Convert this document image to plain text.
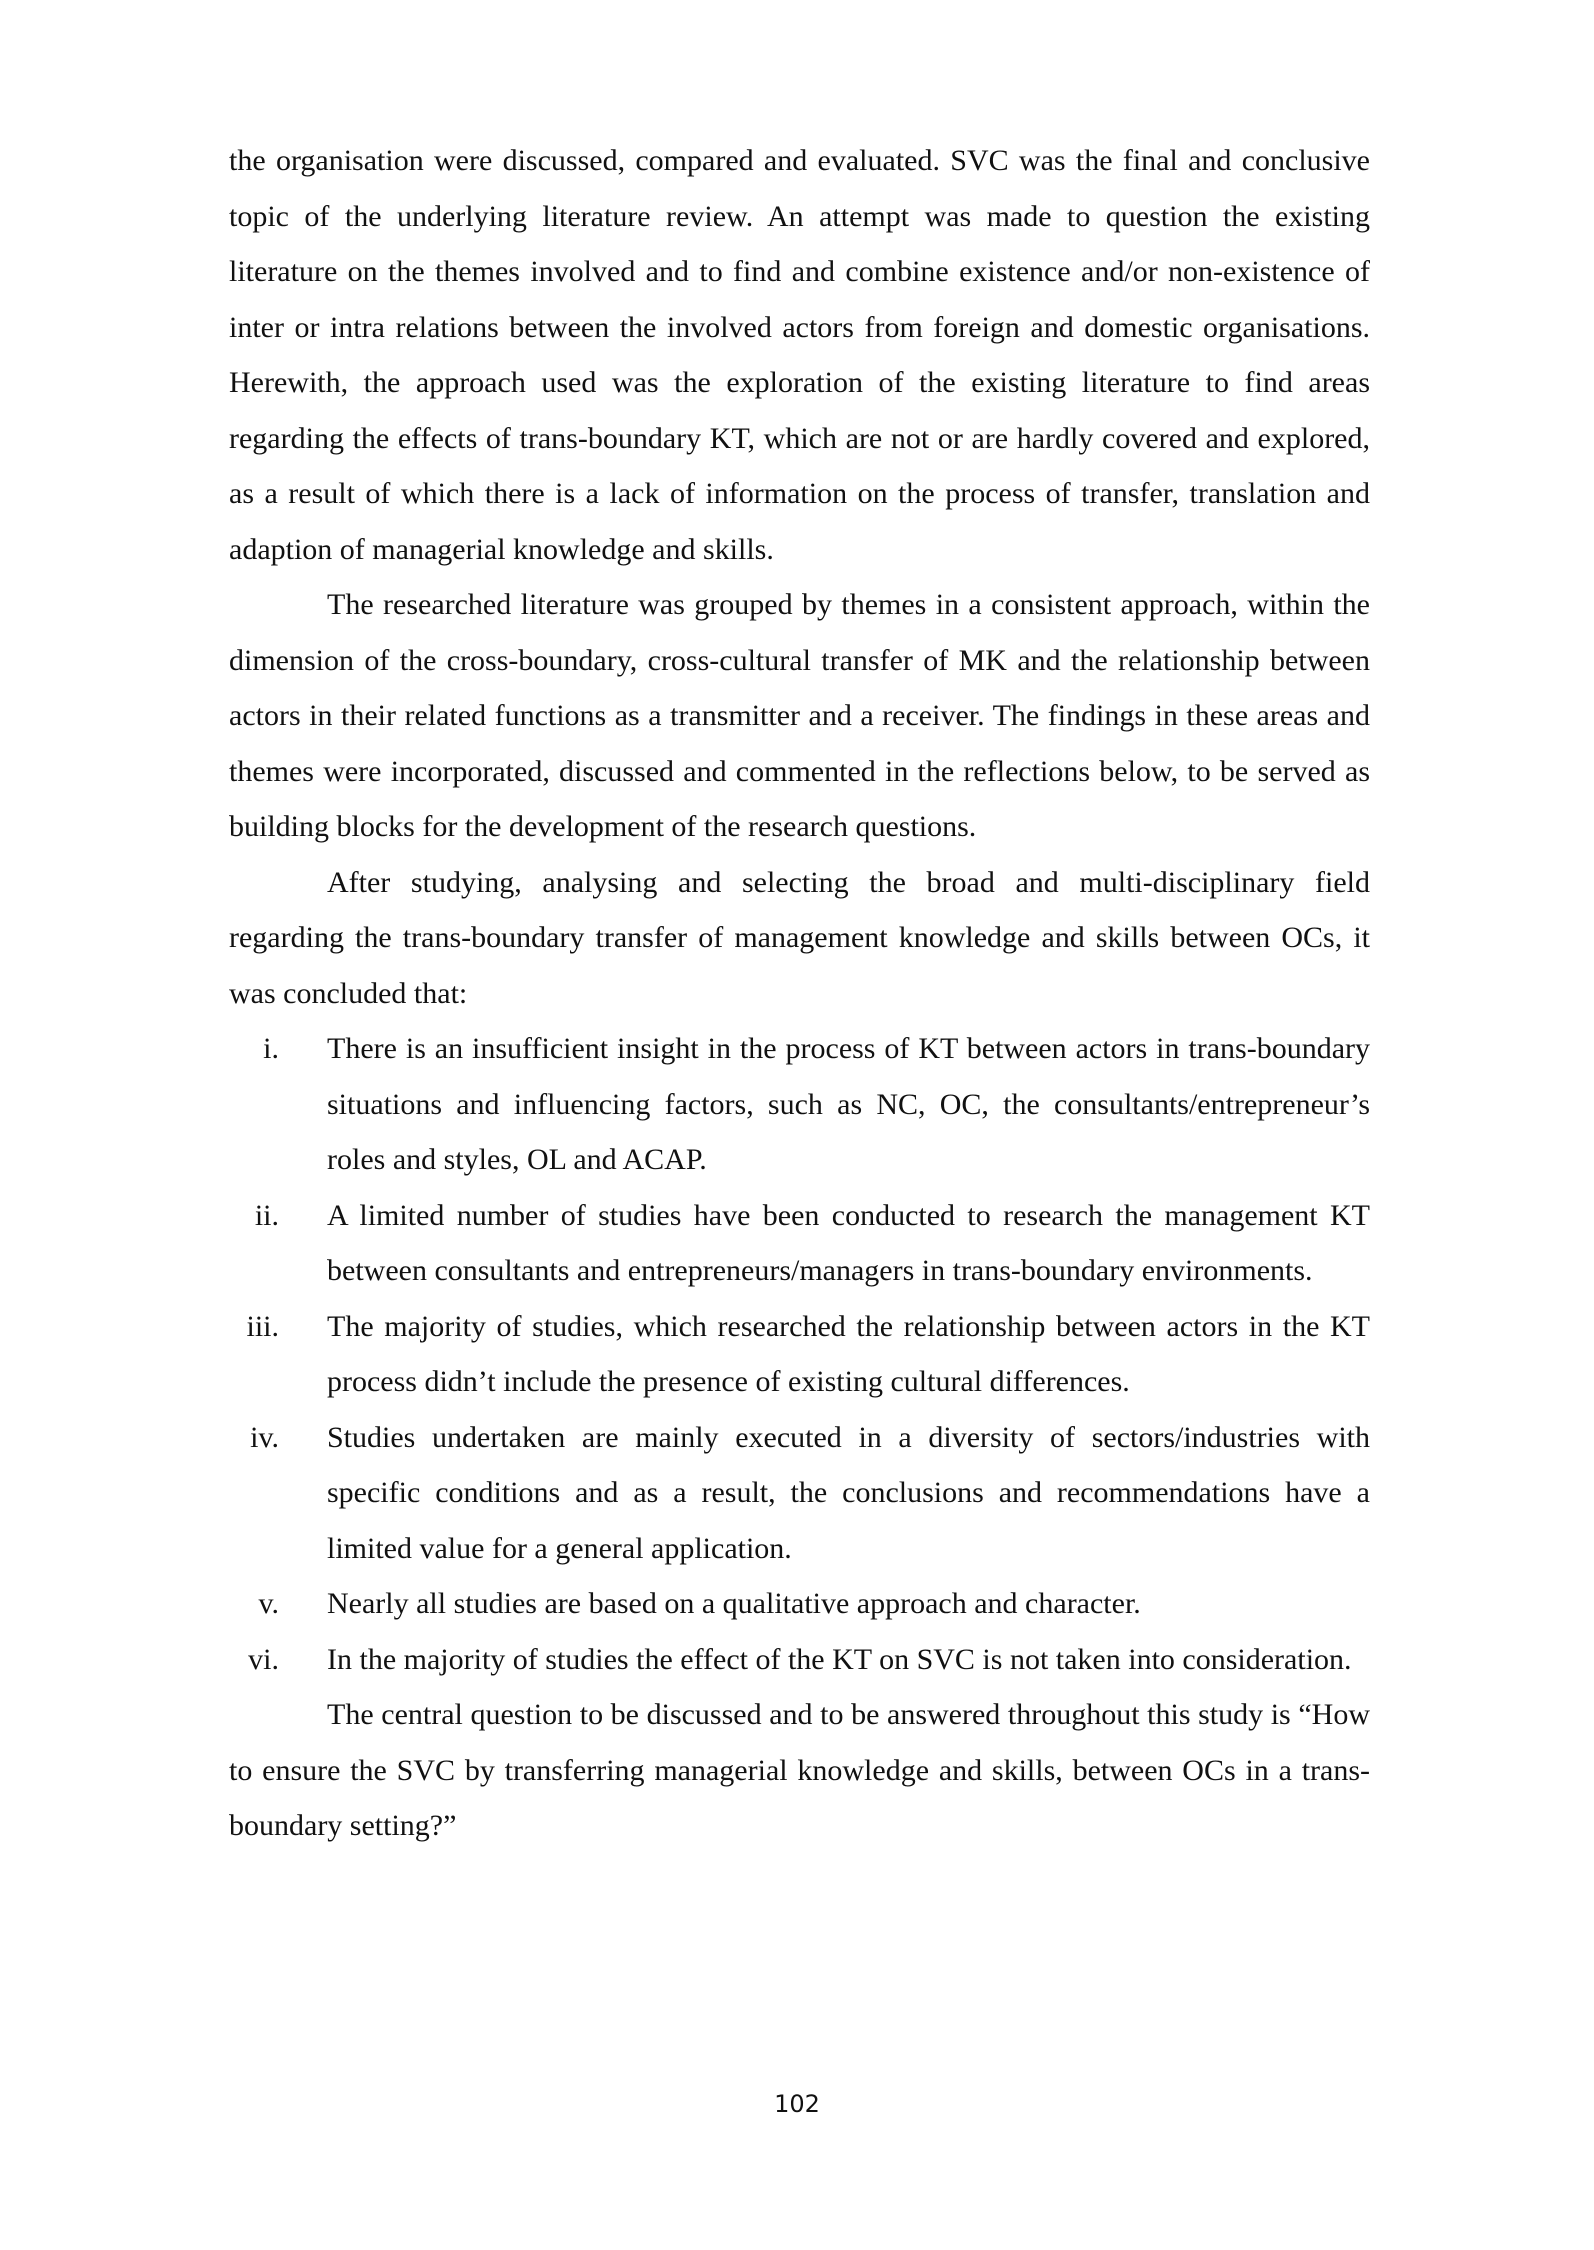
the organisation were discussed, compared and evaluated. SVC was the final and conclusive topic of the underlying literature review. An attempt was made to question the existing literature on the themes involved and to find and combine existence and/or non-existence of inter or intra relations between the involved actors from foreign and domestic organisations. Herewith, the approach used was the exploration of the existing literature to find areas regarding the effects of trans-boundary KT, which are not or are hardly covered and explored, as a result of which there is a lack of information on the process of transfer, translation and adaption of managerial knowledge and skills.

The researched literature was grouped by themes in a consistent approach, within the dimension of the cross-boundary, cross-cultural transfer of MK and the relationship between actors in their related functions as a transmitter and a receiver. The findings in these areas and themes were incorporated, discussed and commented in the reflections below, to be served as building blocks for the development of the research questions.

After studying, analysing and selecting the broad and multi-disciplinary field regarding the trans-boundary transfer of management knowledge and skills between OCs, it was concluded that:

i. There is an insufficient insight in the process of KT between actors in trans-boundary situations and influencing factors, such as NC, OC, the consultants/entrepreneur’s roles and styles, OL and ACAP.
ii. A limited number of studies have been conducted to research the management KT between consultants and entrepreneurs/managers in trans-boundary environments.
iii. The majority of studies, which researched the relationship between actors in the KT process didn’t include the presence of existing cultural differences.
iv. Studies undertaken are mainly executed in a diversity of sectors/industries with specific conditions and as a result, the conclusions and recommendations have a limited value for a general application.
v. Nearly all studies are based on a qualitative approach and character.
vi. In the majority of studies the effect of the KT on SVC is not taken into consideration.

The central question to be discussed and to be answered throughout this study is “How to ensure the SVC by transferring managerial knowledge and skills, between OCs in a trans-boundary setting?”

102
